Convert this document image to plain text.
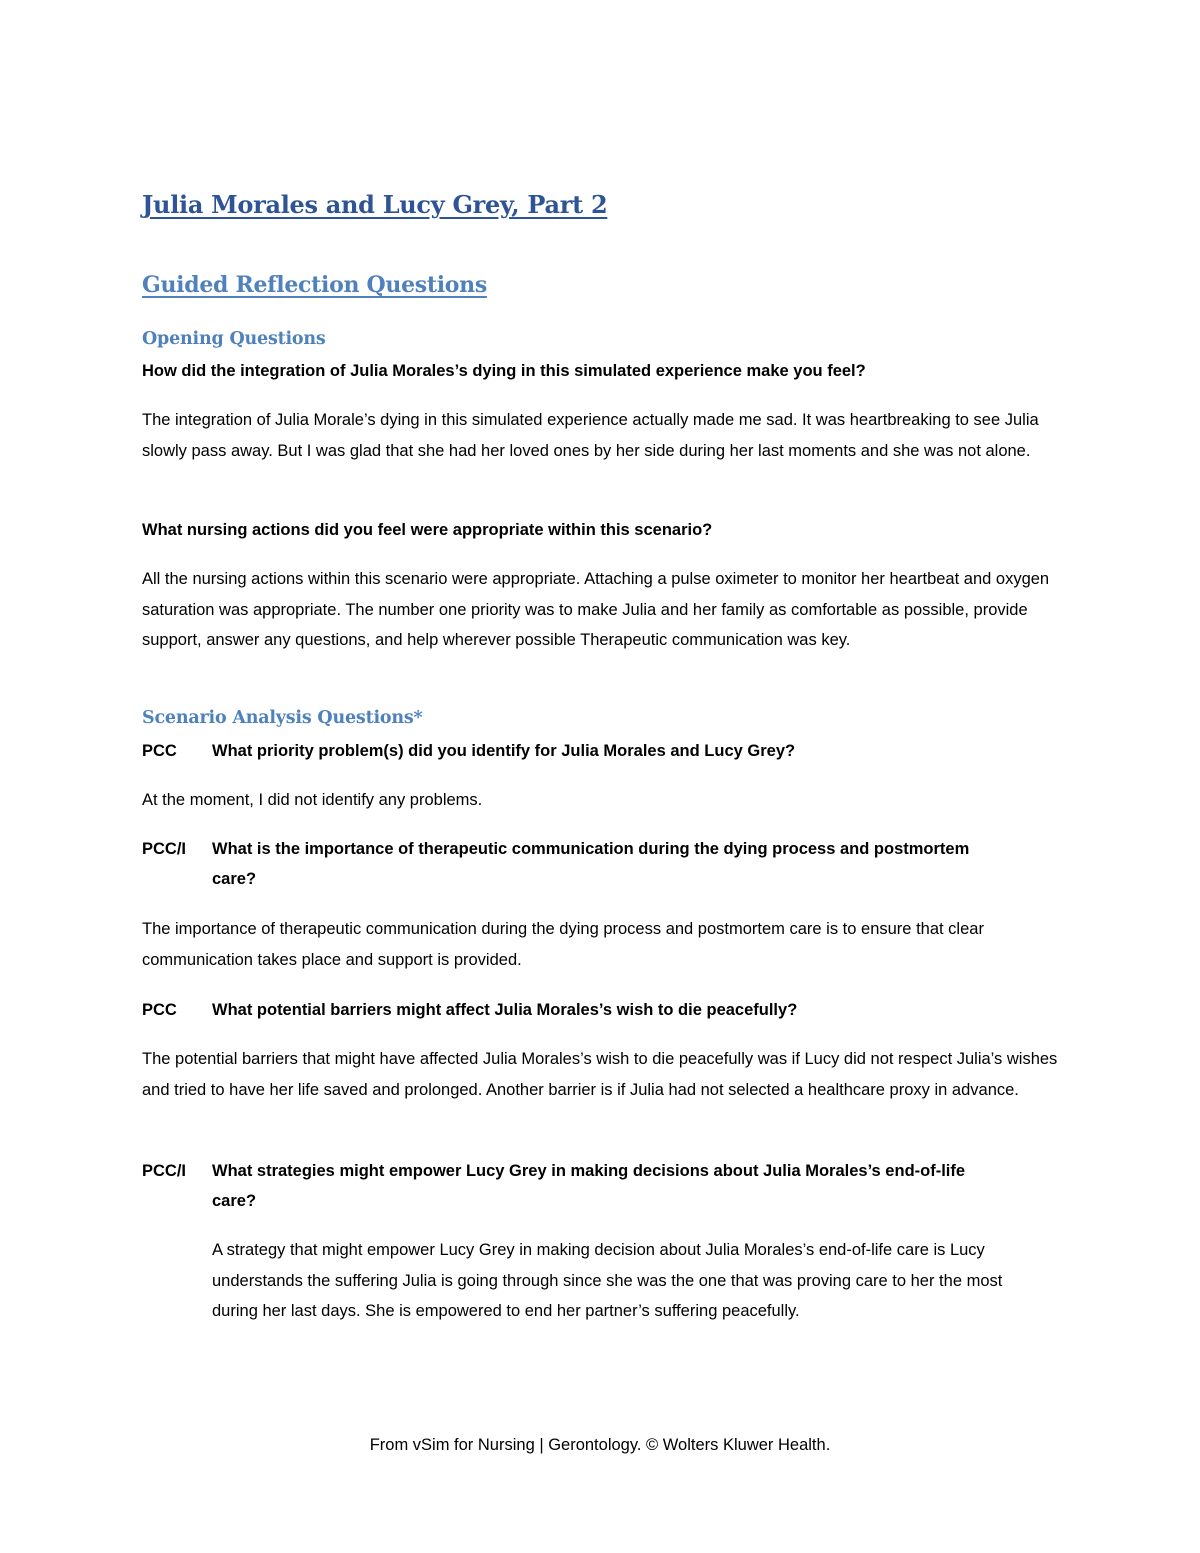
Julia Morales and Lucy Grey, Part 2
Guided Reflection Questions
Opening Questions

How did the integration of Julia Morales’s dying in this simulated experience make you feel?

The integration of Julia Morale’s dying in this simulated experience actually made me sad. It was heartbreaking to see Julia slowly pass away. But I was glad that she had her loved ones by her side during her last moments and she was not alone.

What nursing actions did you feel were appropriate within this scenario?

All the nursing actions within this scenario were appropriate. Attaching a pulse oximeter to monitor her heartbeat and oxygen saturation was appropriate. The number one priority was to make Julia and her family as comfortable as possible, provide support, answer any questions, and help wherever possible Therapeutic communication was key.

Scenario Analysis Questions*
PCC	What priority problem(s) did you identify for Julia Morales and Lucy Grey?

At the moment, I did not identify any problems.

PCC/I	What is the importance of therapeutic communication during the dying process and postmortem care?

The importance of therapeutic communication during the dying process and postmortem care is to ensure that clear communication takes place and support is provided.

PCC	What potential barriers might affect Julia Morales’s wish to die peacefully?

The potential barriers that might have affected Julia Morales’s wish to die peacefully was if Lucy did not respect Julia’s wishes and tried to have her life saved and prolonged. Another barrier is if Julia had not selected a healthcare proxy in advance.

PCC/I	What strategies might empower Lucy Grey in making decisions about Julia Morales’s end-of-life care?

A strategy that might empower Lucy Grey in making decision about Julia Morales’s end-of-life care is Lucy understands the suffering Julia is going through since she was the one that was proving care to her the most during her last days. She is empowered to end her partner’s suffering peacefully.

From vSim for Nursing | Gerontology. © Wolters Kluwer Health.
